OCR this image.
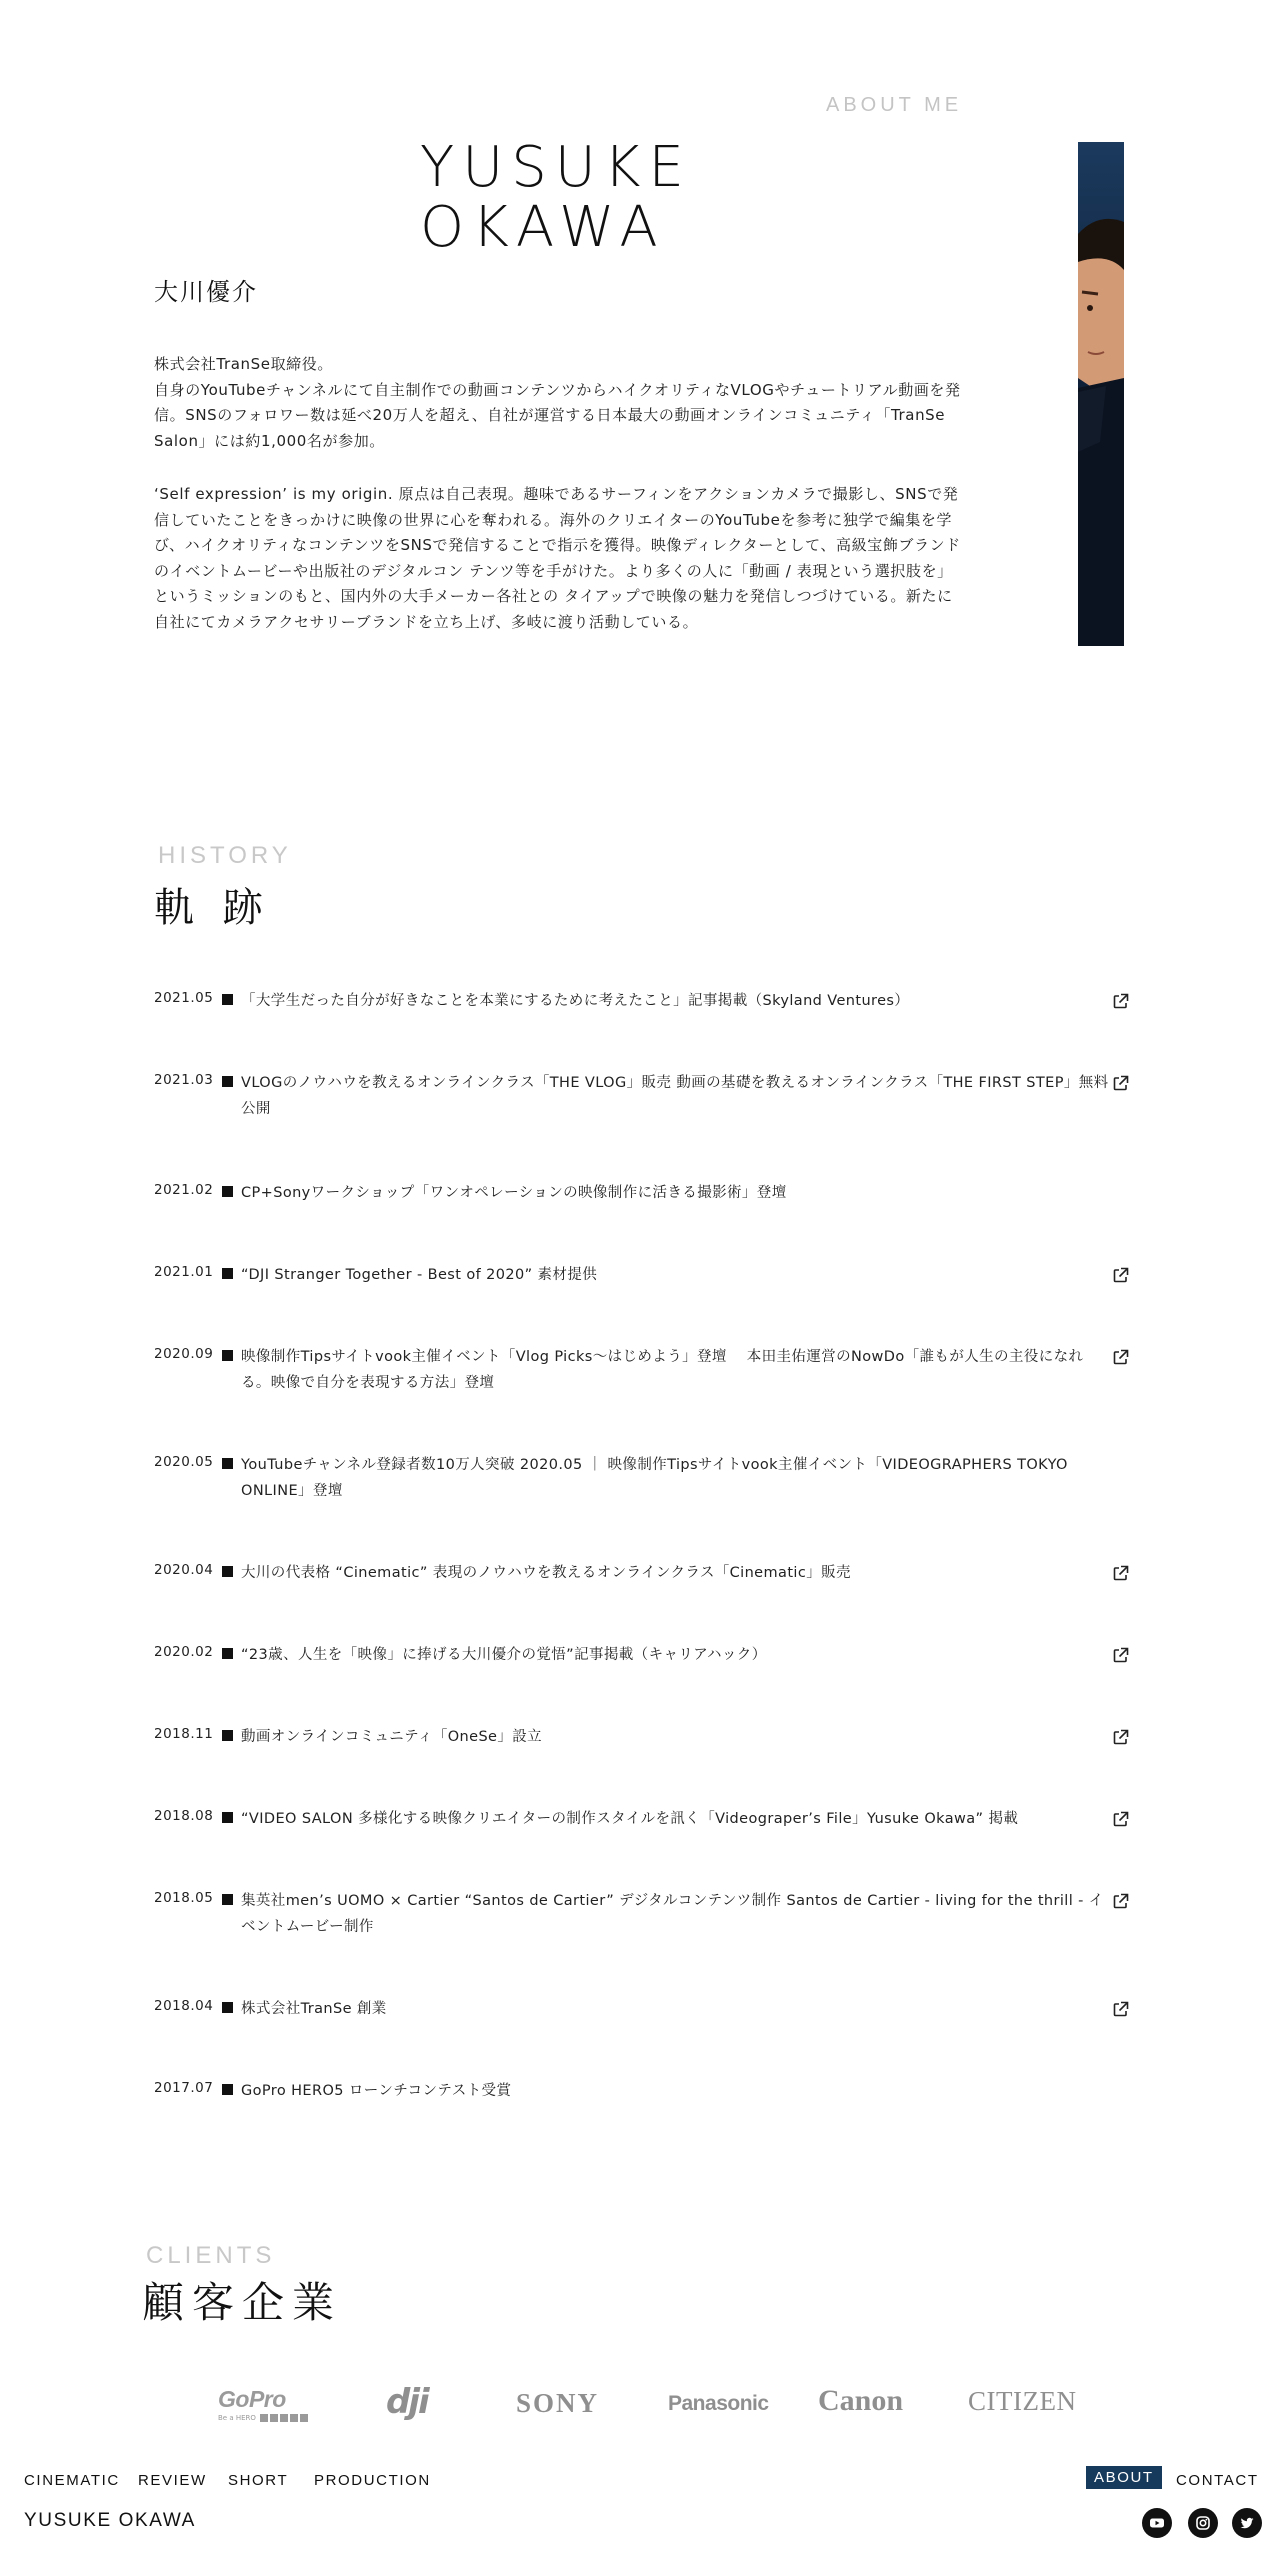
ABOUT ME
YUSUKE
OKAWA
大川優介
株式会社TranSe取締役。
自身のYouTubeチャンネルにて自主制作での動画コンテンツからハイクオリティなVLOGやチュートリアル動画を発信。SNSのフォロワー数は延べ20万人を超え、自社が運営する日本最大の動画オンラインコミュニティ「TranSe Salon」には約1,000名が参加。
‘Self expression’ is my origin. 原点は自己表現。趣味であるサーフィンをアクションカメラで撮影し、SNSで発信していたことをきっかけに映像の世界に心を奪われる。海外のクリエイターのYouTubeを参考に独学で編集を学び、ハイクオリティなコンテンツをSNSで発信することで指示を獲得。映像ディレクターとして、高級宝飾ブランドのイベントムービーや出版社のデジタルコン テンツ等を手がけた。より多くの人に「動画 / 表現という選択肢を」 というミッションのもと、国内外の大手メーカー各社との タイアップで映像の魅力を発信しつづけている。新たに自社にてカメラアクセサリーブランドを立ち上げ、多岐に渡り活動している。
HISTORY
軌 跡
2021.05 「大学生だった自分が好きなことを本業にするために考えたこと」記事掲載（Skyland Ventures）
2021.03 VLOGのノウハウを教えるオンラインクラス「THE VLOG」販売 動画の基礎を教えるオンラインクラス「THE FIRST STEP」無料公開
2021.02 CP+Sonyワークショップ「ワンオペレーションの映像制作に活きる撮影術」登壇
2021.01 “DJI Stranger Together - Best of 2020” 素材提供
2020.09 映像制作Tipsサイトvook主催イベント「Vlog Picks〜はじめよう」登壇　 本田圭佑運営のNowDo「誰もが人生の主役になれる。映像で自分を表現する方法」登壇
2020.05 YouTubeチャンネル登録者数10万人突破 2020.05 ｜ 映像制作Tipsサイトvook主催イベント「VIDEOGRAPHERS TOKYO ONLINE」登壇
2020.04 大川の代表格 “Cinematic” 表現のノウハウを教えるオンラインクラス「Cinematic」販売
2020.02 “23歳、人生を「映像」に捧げる大川優介の覚悟”記事掲載（キャリアハック）
2018.11 動画オンラインコミュニティ「OneSe」設立
2018.08 “VIDEO SALON 多様化する映像クリエイターの制作スタイルを訊く「Videograper’s File」Yusuke Okawa” 掲載
2018.05 集英社men’s UOMO × Cartier “Santos de Cartier” デジタルコンテンツ制作 Santos de Cartier - living for the thrill - イベントムービー制作
2018.04 株式会社TranSe 創業
2017.07 GoPro HERO5 ローンチコンテスト受賞
CLIENTS
顧客企業
GoPro
Be a HERO	dji	SONY	Panasonic Canon CITIZEN
CINEMATIC REVIEW SHORT PRODUCTION	ABOUT	CONTACT
YUSUKE OKAWA
